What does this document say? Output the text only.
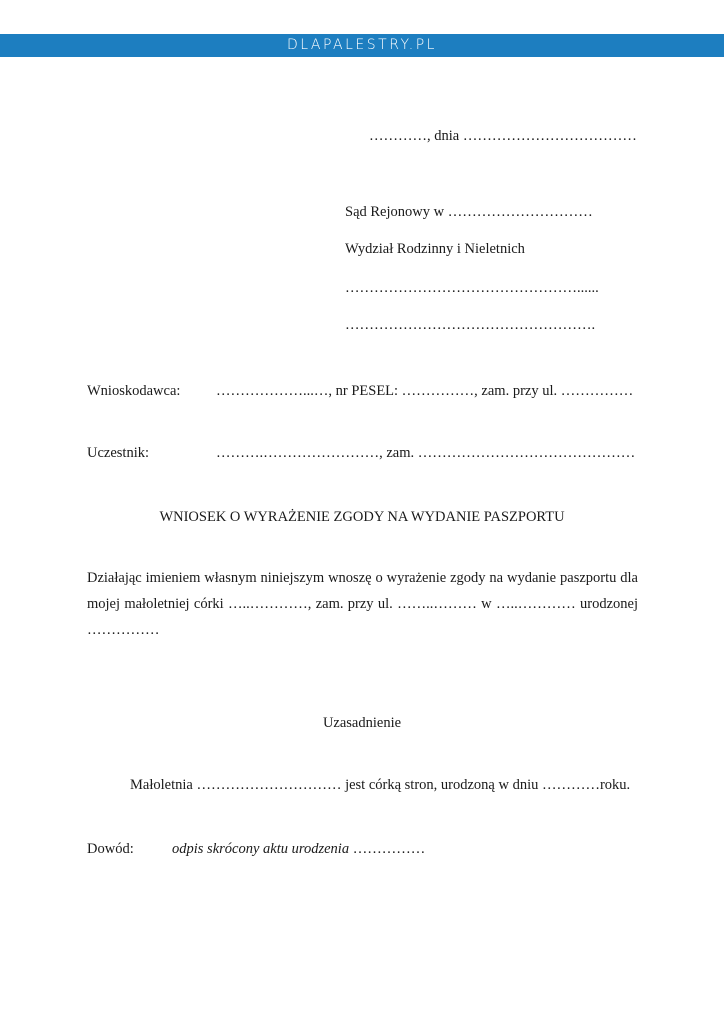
DLAPALESTRY.PL
…………, dnia ………………………………
Sąd Rejonowy w …………………………
Wydział Rodzinny i Nieletnich
…………………………………………......
…………………………………………….
Wnioskodawca: ………………...…, nr PESEL: ……………, zam. przy ul. ……………
Uczestnik:	……….……………………, zam. ………………………………………
WNIOSEK O WYRAŻENIE ZGODY NA WYDANIE PASZPORTU
Działając imieniem własnym niniejszym wnoszę o wyrażenie zgody na wydanie paszportu dla
mojej małoletniej córki …..…………, zam. przy ul. ……..……… w …..………… urodzonej
……………
Uzasadnienie
Małoletnia ………………………… jest córką stron, urodzoną w dniu …………roku.
Dowód:	odpis skrócony aktu urodzenia ……………
